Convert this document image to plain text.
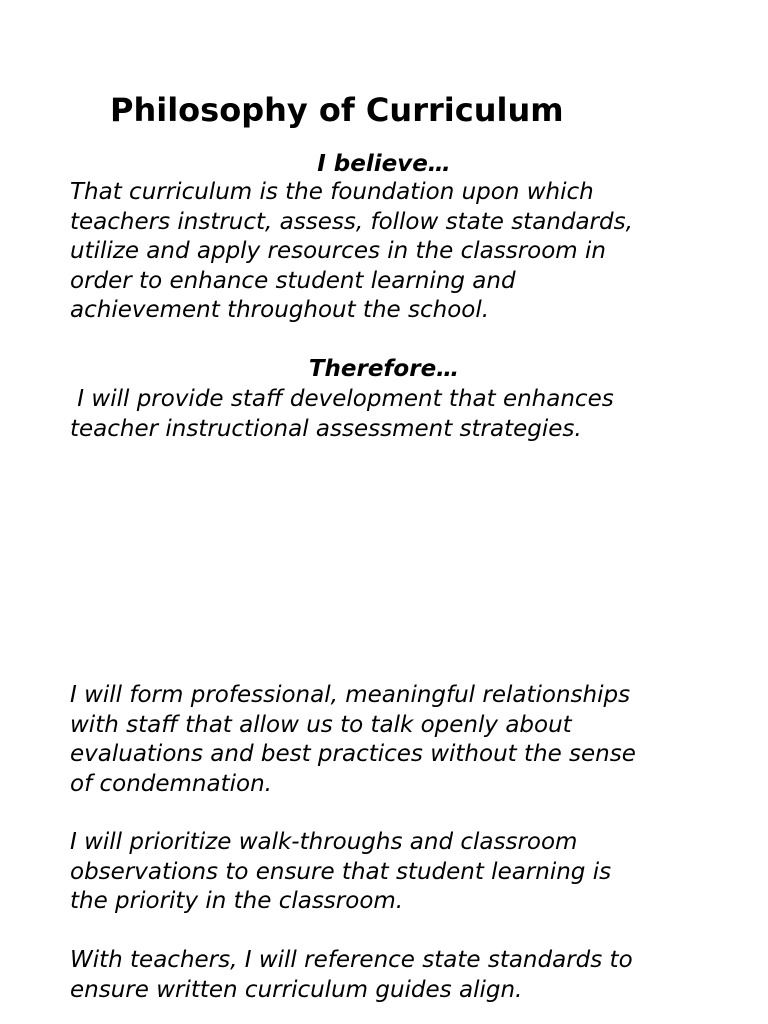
Philosophy of Curriculum
I believe…

That curriculum is the foundation upon which
teachers instruct, assess, follow state standards,
utilize and apply resources in the classroom in
order to enhance student learning and
achievement throughout the school.

Therefore…

I will provide staff development that enhances
teacher instructional assessment strategies.

I will form professional, meaningful relationships
with staff that allow us to talk openly about
evaluations and best practices without the sense
of condemnation.

I will prioritize walk-throughs and classroom
observations to ensure that student learning is
the priority in the classroom.

With teachers, I will reference state standards to
ensure written curriculum guides align.
